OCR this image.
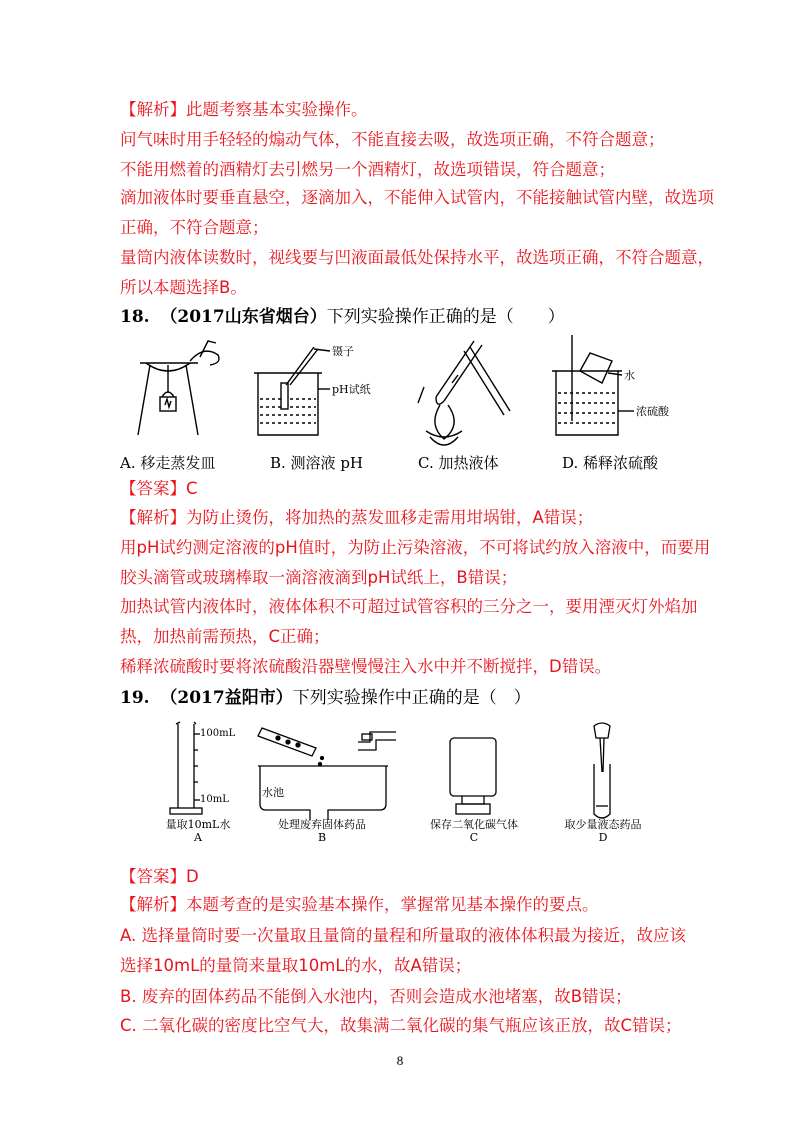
【解析】此题考察基本实验操作。
问气味时用手轻轻的煽动气体，不能直接去吸，故选项正确，不符合题意；
不能用燃着的酒精灯去引燃另一个酒精灯，故选项错误，符合题意；
滴加液体时要垂直悬空，逐滴加入，不能伸入试管内，不能接触试管内壁，故选项
正确，不符合题意；
量筒内液体读数时，视线要与凹液面最低处保持水平，故选项正确，不符合题意，
所以本题选择B。
18. （2017山东省烟台）下列实验操作正确的是（　　）
镊子
pH试纸
水
浓硫酸
A. 移走蒸发皿	B. 测溶液 pH	C. 加热液体	D. 稀释浓硫酸
【答案】C
【解析】为防止烫伤，将加热的蒸发皿移走需用坩埚钳，A错误；
用pH试约测定溶液的pH值时，为防止污染溶液，不可将试约放入溶液中，而要用
胶头滴管或玻璃棒取一滴溶液滴到pH试纸上，B错误；
加热试管内液体时，液体体积不可超过试管容积的三分之一，要用湮灭灯外焰加
热，加热前需预热，C正确；
稀释浓硫酸时要将浓硫酸沿器壁慢慢注入水中并不断搅拌，D错误。
19. （2017益阳市）下列实验操作中正确的是（　）
100mL
10mL
水池
量取10mL水
A
处理废弃固体药品
B
保存二氧化碳气体
C
取少量液态药品
D
【答案】D
【解析】本题考查的是实验基本操作，掌握常见基本操作的要点。
A. 选择量筒时要一次量取且量筒的量程和所量取的液体体积最为接近，故应该
选择10mL的量筒来量取10mL的水，故A错误；
B. 废弃的固体药品不能倒入水池内，否则会造成水池堵塞，故B错误；
C. 二氧化碳的密度比空气大，故集满二氧化碳的集气瓶应该正放，故C错误；
8
